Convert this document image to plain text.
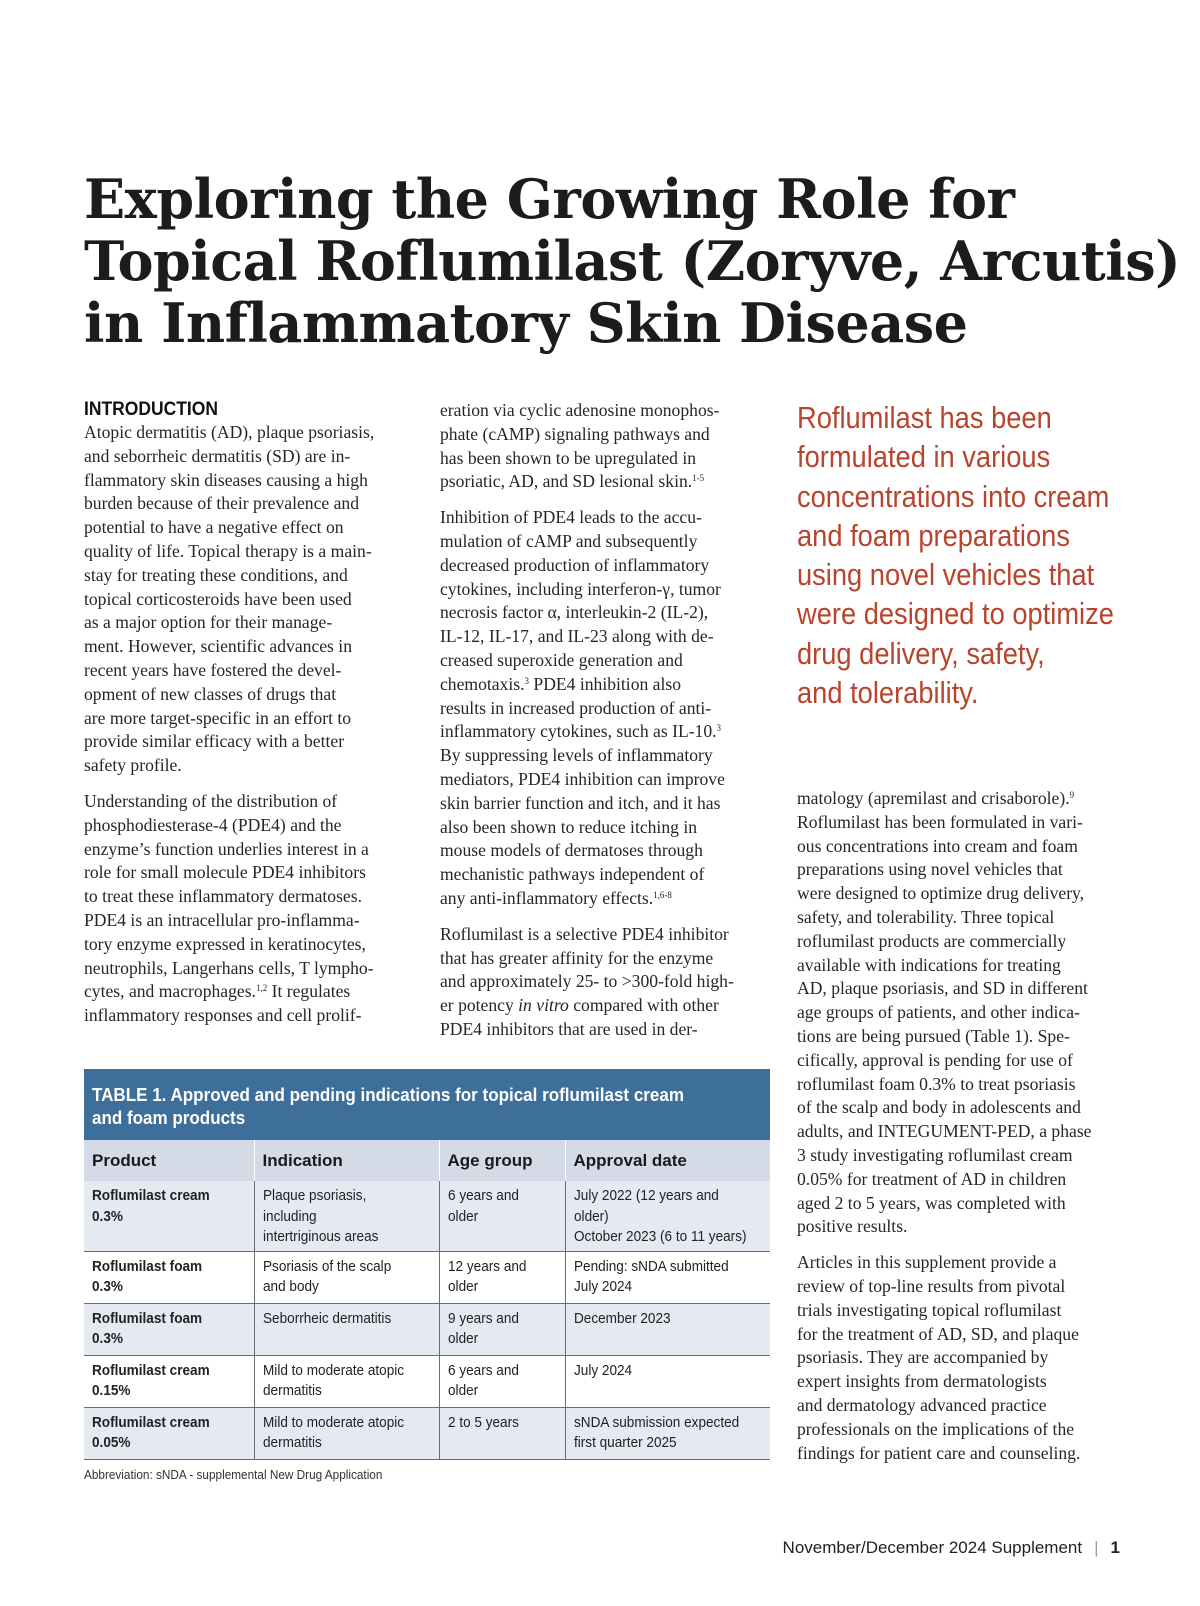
Exploring the Growing Role for
Topical Roflumilast (Zoryve, Arcutis)
in Inflammatory Skin Disease
INTRODUCTION

Atopic dermatitis (AD), plaque psoriasis,
and seborrheic dermatitis (SD) are in-
flammatory skin diseases causing a high
burden because of their prevalence and
potential to have a negative effect on
quality of life. Topical therapy is a main-
stay for treating these conditions, and
topical corticosteroids have been used
as a major option for their manage-
ment. However, scientific advances in
recent years have fostered the devel-
opment of new classes of drugs that
are more target-specific in an effort to
provide similar efficacy with a better
safety profile.

Understanding of the distribution of
phosphodiesterase-4 (PDE4) and the
enzyme’s function underlies interest in a
role for small molecule PDE4 inhibitors
to treat these inflammatory dermatoses.
PDE4 is an intracellular pro-inflamma-
tory enzyme expressed in keratinocytes,
neutrophils, Langerhans cells, T lympho-
cytes, and macrophages.$^{1,2}$ It regulates
inflammatory responses and cell prolif-

eration via cyclic adenosine monophos-
phate (cAMP) signaling pathways and
has been shown to be upregulated in
psoriatic, AD, and SD lesional skin.$^{1-5}$

Inhibition of PDE4 leads to the accu-
mulation of cAMP and subsequently
decreased production of inflammatory
cytokines, including interferon-γ, tumor
necrosis factor α, interleukin-2 (IL-2),
IL-12, IL-17, and IL-23 along with de-
creased superoxide generation and
chemotaxis.$^3$ PDE4 inhibition also
results in increased production of anti-
inflammatory cytokines, such as IL-10.$^3$
By suppressing levels of inflammatory
mediators, PDE4 inhibition can improve
skin barrier function and itch, and it has
also been shown to reduce itching in
mouse models of dermatoses through
mechanistic pathways independent of
any anti-inflammatory effects.$^{1,6-8}$

Roflumilast is a selective PDE4 inhibitor
that has greater affinity for the enzyme
and approximately 25- to >300-fold high-
er potency in vitro compared with other
PDE4 inhibitors that are used in der-

Roflumilast has been
formulated in various
concentrations into cream
and foam preparations
using novel vehicles that
were designed to optimize
drug delivery, safety,
and tolerability.

matology (apremilast and crisaborole).$^9$
Roflumilast has been formulated in vari-
ous concentrations into cream and foam
preparations using novel vehicles that
were designed to optimize drug delivery,
safety, and tolerability. Three topical
roflumilast products are commercially
available with indications for treating
AD, plaque psoriasis, and SD in different
age groups of patients, and other indica-
tions are being pursued (Table 1). Spe-
cifically, approval is pending for use of
roflumilast foam 0.3% to treat psoriasis
of the scalp and body in adolescents and
adults, and INTEGUMENT-PED, a phase
3 study investigating roflumilast cream
0.05% for treatment of AD in children
aged 2 to 5 years, was completed with
positive results.

Articles in this supplement provide a
review of top-line results from pivotal
trials investigating topical roflumilast
for the treatment of AD, SD, and plaque
psoriasis. They are accompanied by
expert insights from dermatologists
and dermatology advanced practice
professionals on the implications of the
findings for patient care and counseling.

TABLE 1. Approved and pending indications for topical roflumilast cream
and foam products
Product	Indication	Age group	Approval date

Roflumilast cream
0.3%	Plaque psoriasis, including
intertriginous areas	6 years and older	July 2022 (12 years and older)
October 2023 (6 to 11 years)

Roflumilast foam
0.3%	Psoriasis of the scalp
and body	12 years and
older	Pending: sNDA submitted
July 2024

Roflumilast foam
0.3%	Seborrheic dermatitis	9 years and older	December 2023

Roflumilast cream
0.15%	Mild to moderate atopic
dermatitis	6 years and older	July 2024

Roflumilast cream
0.05%	Mild to moderate atopic
dermatitis	2 to 5 years	sNDA submission expected
first quarter 2025
Abbreviation: sNDA - supplemental New Drug Application
November/December 2024 Supplement | 1
